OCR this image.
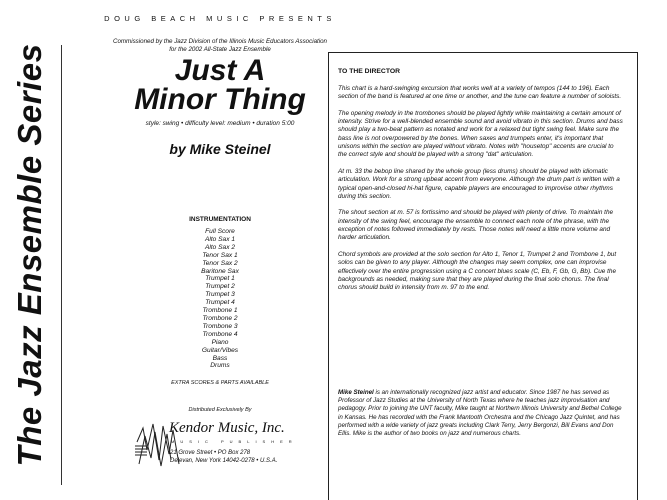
The Jazz Ensemble Series
DOUG BEACH MUSIC PRESENTS
Commissioned by the Jazz Division of the Illinois Music Educators Association
for the 2002 All-State Jazz Ensemble
Just A
Minor Thing
style: swing • difficulty level: medium • duration 5:00
by Mike Steinel
INSTRUMENTATION
Full Score
Alto Sax 1
Alto Sax 2
Tenor Sax 1
Tenor Sax 2
Baritone Sax
Trumpet 1
Trumpet 2
Trumpet 3
Trumpet 4
Trombone 1
Trombone 2
Trombone 3
Trombone 4
Piano
Guitar/Vibes
Bass
Drums
EXTRA SCORES & PARTS AVAILABLE
Distributed Exclusively By
Kendor Music, Inc.
MUSIC PUBLISHER
21 Grove Street • PO Box 278
Delevan, New York 14042-0278 • U.S.A.
TO THE DIRECTOR

This chart is a hard-swinging excursion that works well at a variety of tempos (144 to 196). Each section of the band is featured at one time or another, and the tune can feature a number of soloists.

The opening melody in the trombones should be played lightly while maintaining a certain amount of intensity. Strive for a well-blended ensemble sound and avoid vibrato in this section. Drums and bass should play a two-beat pattern as notated and work for a relaxed but tight swing feel. Make sure the bass line is not overpowered by the bones. When saxes and trumpets enter, it's important that unisons within the section are played without vibrato. Notes with "housetop" accents are crucial to the correct style and should be played with a strong "dat" articulation.

At m. 33 the bebop line shared by the whole group (less drums) should be played with idiomatic articulation. Work for a strong upbeat accent from everyone. Although the drum part is written with a typical open-and-closed hi-hat figure, capable players are encouraged to improvise other rhythms during this section.

The shout section at m. 57 is fortissimo and should be played with plenty of drive. To maintain the intensity of the swing feel, encourage the ensemble to connect each note of the phrase, with the exception of notes followed immediately by rests. Those notes will need a little more volume and harder articulation.

Chord symbols are provided at the solo section for Alto 1, Tenor 1, Trumpet 2 and Trombone 1, but solos can be given to any player. Although the changes may seem complex, one can improvise effectively over the entire progression using a C concert blues scale (C, Eb, F, Gb, G, Bb). Cue the backgrounds as needed, making sure that they are played during the final solo chorus. The final chorus should build in intensity from m. 97 to the end.

Mike Steinel is an internationally recognized jazz artist and educator. Since 1987 he has served as Professor of Jazz Studies at the University of North Texas where he teaches jazz improvisation and pedagogy. Prior to joining the UNT faculty, Mike taught at Northern Illinois University and Bethel College in Kansas. He has recorded with the Frank Mantooth Orchestra and the Chicago Jazz Quintet, and has performed with a wide variety of jazz greats including Clark Terry, Jerry Bergonzi, Bill Evans and Don Ellis. Mike is the author of two books on jazz and numerous charts.
